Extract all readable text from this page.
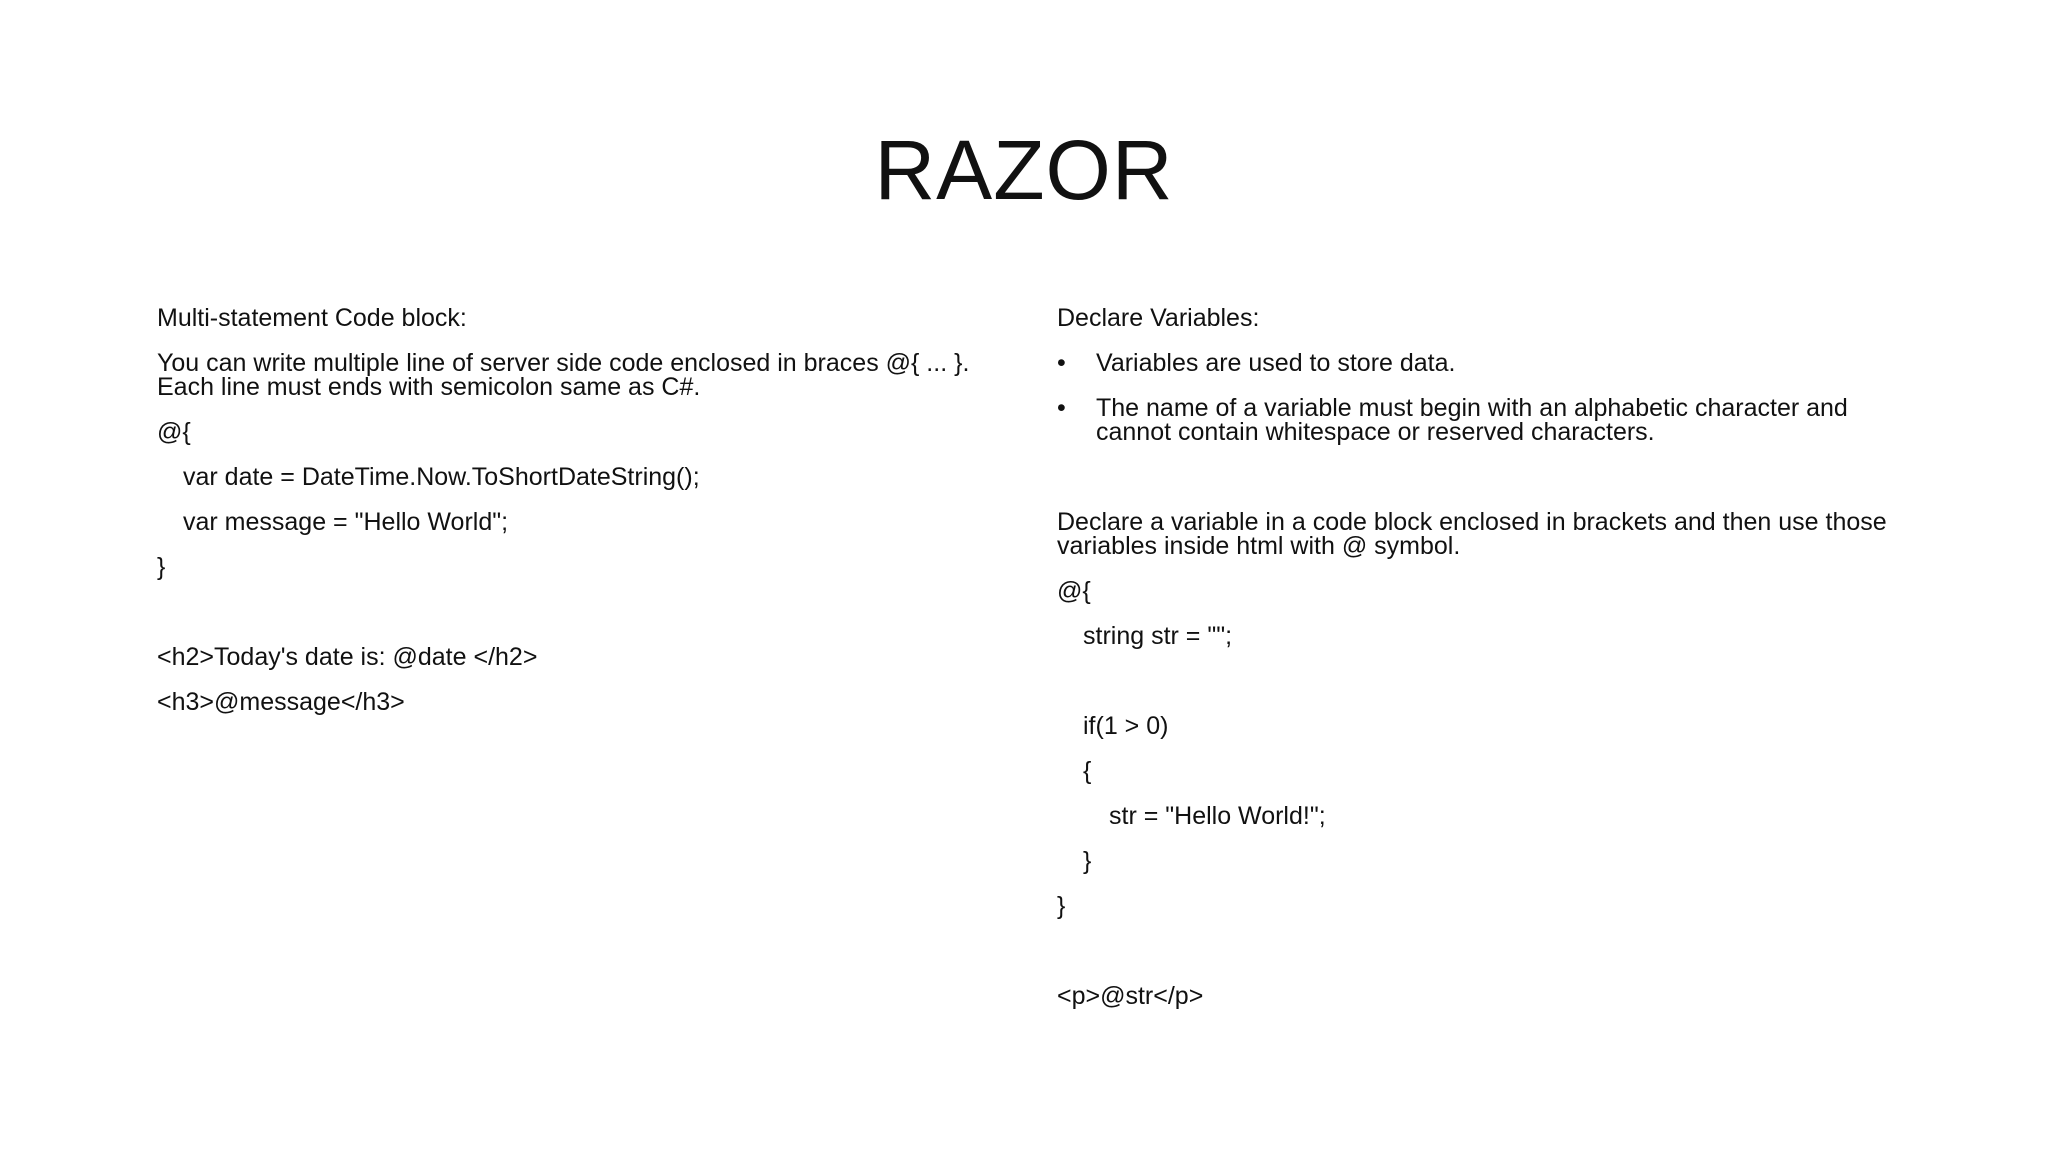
RAZOR
Multi-statement Code block:
You can write multiple line of server side code enclosed in braces @{ ... }. Each line must ends with semicolon same as C#.
@{
var date = DateTime.Now.ToShortDateString();
var message = "Hello World";
}
<h2>Today's date is: @date </h2>
<h3>@message</h3>
Declare Variables:
•	Variables are used to store data.
•	The name of a variable must begin with an alphabetic character and cannot contain whitespace or reserved characters.
Declare a variable in a code block enclosed in brackets and then use those variables inside html with @ symbol.
@{
string str = "";
if(1 > 0)
{
str = "Hello World!";
}
}
<p>@str</p>
